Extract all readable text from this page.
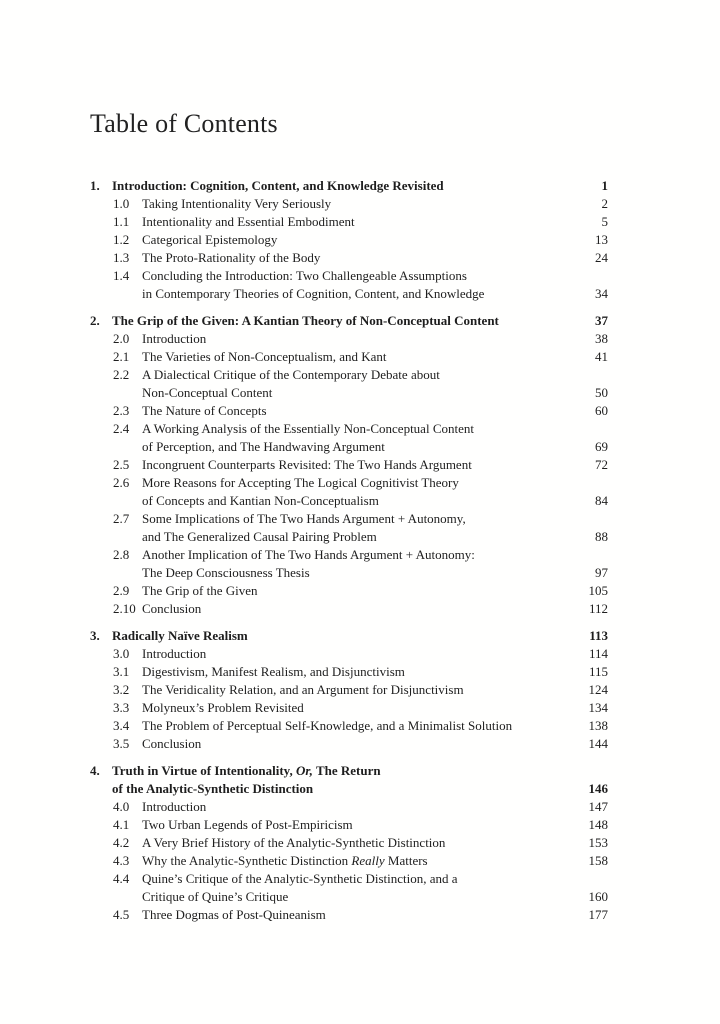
Table of Contents
1. Introduction: Cognition, Content, and Knowledge Revisited	1
1.0 Taking Intentionality Very Seriously	2
1.1 Intentionality and Essential Embodiment	5
1.2 Categorical Epistemology	13
1.3 The Proto-Rationality of the Body	24
1.4 Concluding the Introduction: Two Challengeable Assumptions
in Contemporary Theories of Cognition, Content, and Knowledge	34
2. The Grip of the Given: A Kantian Theory of Non-Conceptual Content	37
2.0 Introduction	38
2.1 The Varieties of Non-Conceptualism, and Kant	41
2.2 A Dialectical Critique of the Contemporary Debate about
Non-Conceptual Content	50
2.3 The Nature of Concepts	60
2.4 A Working Analysis of the Essentially Non-Conceptual Content
of Perception, and The Handwaving Argument	69
2.5 Incongruent Counterparts Revisited: The Two Hands Argument	72
2.6 More Reasons for Accepting The Logical Cognitivist Theory
of Concepts and Kantian Non-Conceptualism	84
2.7 Some Implications of The Two Hands Argument + Autonomy,
and The Generalized Causal Pairing Problem	88
2.8 Another Implication of The Two Hands Argument + Autonomy:
The Deep Consciousness Thesis	97
2.9 The Grip of the Given	105
2.10 Conclusion	112
3. Radically Naïve Realism	113
3.0 Introduction	114
3.1 Digestivism, Manifest Realism, and Disjunctivism	115
3.2 The Veridicality Relation, and an Argument for Disjunctivism	124
3.3 Molyneux’s Problem Revisited	134
3.4 The Problem of Perceptual Self-Knowledge, and a Minimalist Solution	138
3.5 Conclusion	144
4. Truth in Virtue of Intentionality, Or, The Return
of the Analytic-Synthetic Distinction	146
4.0 Introduction	147
4.1 Two Urban Legends of Post-Empiricism	148
4.2 A Very Brief History of the Analytic-Synthetic Distinction	153
4.3 Why the Analytic-Synthetic Distinction Really Matters	158
4.4 Quine’s Critique of the Analytic-Synthetic Distinction, and a
Critique of Quine’s Critique	160
4.5 Three Dogmas of Post-Quineanism	177
